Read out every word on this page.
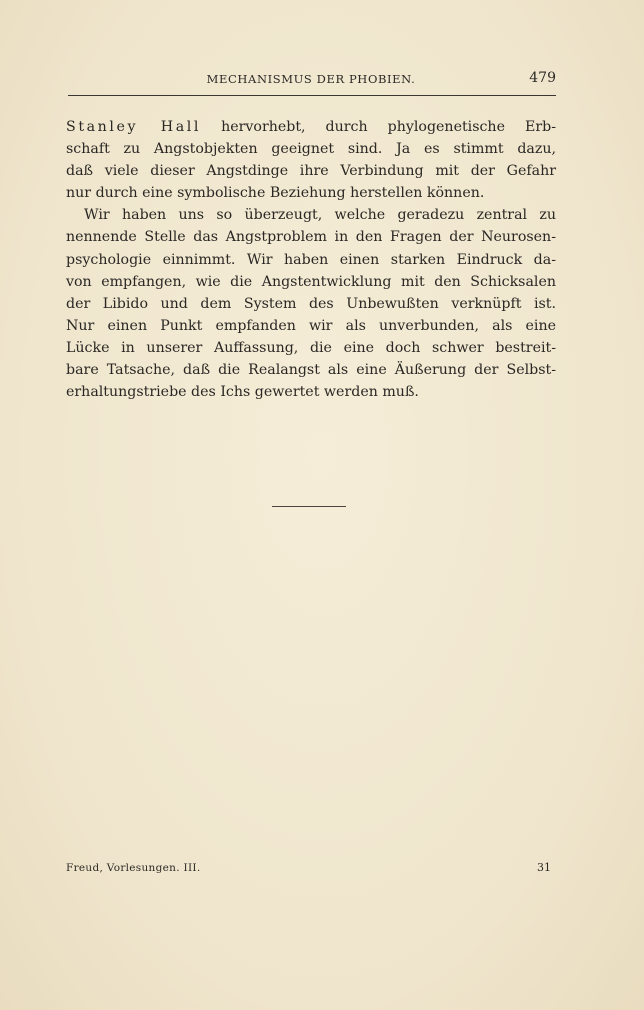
MECHANISMUS DER PHOBIEN.	479
Stanley Hall hervorhebt, durch phylogenetische Erb-
schaft zu Angstobjekten geeignet sind. Ja es stimmt dazu,
daß viele dieser Angstdinge ihre Verbindung mit der Gefahr
nur durch eine symbolische Beziehung herstellen können.
Wir haben uns so überzeugt, welche geradezu zentral zu
nennende Stelle das Angstproblem in den Fragen der Neurosen-
psychologie einnimmt. Wir haben einen starken Eindruck da-
von empfangen, wie die Angstentwicklung mit den Schicksalen
der Libido und dem System des Unbewußten verknüpft ist.
Nur einen Punkt empfanden wir als unverbunden, als eine
Lücke in unserer Auffassung, die eine doch schwer bestreit-
bare Tatsache, daß die Realangst als eine Äußerung der Selbst-
erhaltungstriebe des Ichs gewertet werden muß.
Freud, Vorlesungen. III.	31
